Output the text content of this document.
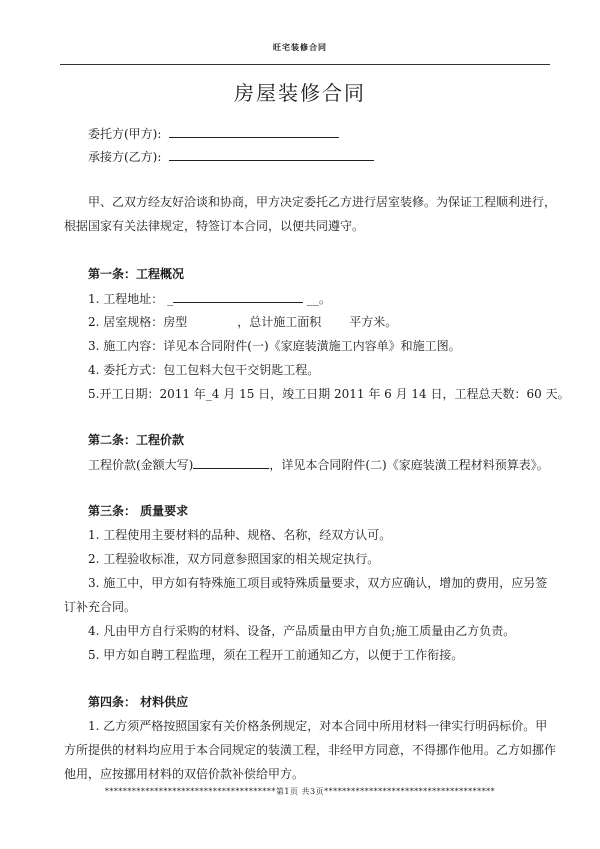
旺宅装修合同
房屋装修合同
委托方(甲方):
承接方(乙方):
甲、乙双方经友好洽谈和协商，甲方决定委托乙方进行居室装修。为保证工程顺利进行，
根据国家有关法律规定，特签订本合同，以便共同遵守。
第一条：工程概况
1. 工程地址： _	__。
2. 居室规格：房型	，总计施工面积 平方米。
3. 施工内容：详见本合同附件(一)《家庭装潢施工内容单》和施工图。
4. 委托方式：包工包料大包干交钥匙工程。
5.开工日期：2011 年_4 月 15 日，竣工日期 2011 年 6 月 14 日，工程总天数：60 天。
第二条：工程价款
工程价款(金额大写)	，详见本合同附件(二)《家庭装潢工程材料预算表》。
第三条： 质量要求
1. 工程使用主要材料的品种、规格、名称，经双方认可。
2. 工程验收标准，双方同意参照国家的相关规定执行。
3. 施工中，甲方如有特殊施工项目或特殊质量要求，双方应确认，增加的费用，应另签
订补充合同。
4. 凡由甲方自行采购的材料、设备，产品质量由甲方自负;施工质量由乙方负责。
5. 甲方如自聘工程监理，须在工程开工前通知乙方，以便于工作衔接。
第四条： 材料供应
1. 乙方须严格按照国家有关价格条例规定，对本合同中所用材料一律实行明码标价。甲
方所提供的材料均应用于本合同规定的装潢工程，非经甲方同意，不得挪作他用。乙方如挪作
他用，应按挪用材料的双倍价款补偿给甲方。
**************************************第1页 共3页**************************************
